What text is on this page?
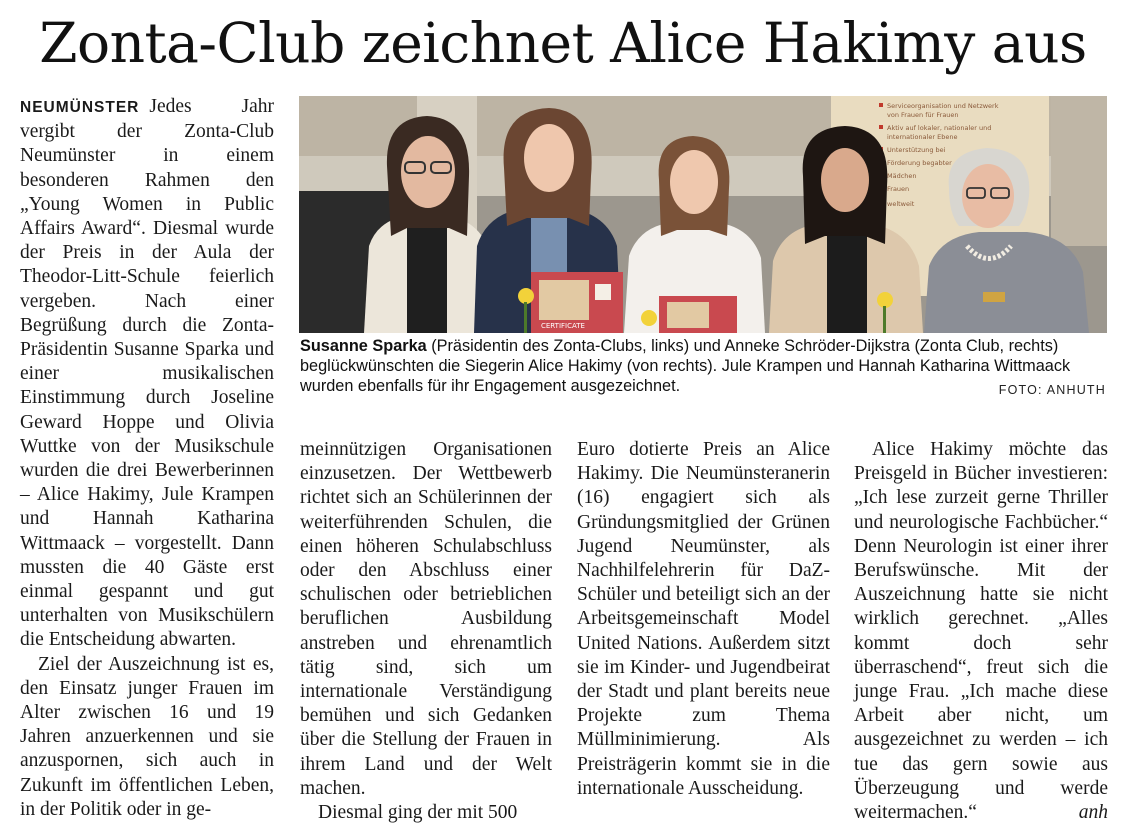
Zonta-Club zeichnet Alice Hakimy aus

NEUMÜNSTER Jedes Jahr vergibt der Zonta-Club Neumünster in einem besonderen Rahmen den „Young Women in Public Affairs Award“. Diesmal wurde der Preis in der Aula der Theodor-Litt-Schule feierlich vergeben. Nach einer Begrüßung durch die Zonta-Präsidentin Susanne Sparka und einer musikalischen Einstimmung durch Joseline Geward Hoppe und Olivia Wuttke von der Musikschule wurden die drei Bewerberinnen – Alice Hakimy, Jule Krampen und Hannah Katharina Wittmaack – vorgestellt. Dann mussten die 40 Gäste erst einmal gespannt und gut unterhalten von Musikschülern die Entscheidung abwarten.

Ziel der Auszeichnung ist es, den Einsatz junger Frauen im Alter zwischen 16 und 19 Jahren anzuerkennen und sie anzuspornen, sich auch in Zukunft im öffentlichen Leben, in der Politik oder in ge-

Serviceorganisation und Netzwerk
von Frauen für Frauen
Aktiv auf lokaler, nationaler und
internationaler Ebene
Unterstützung bei
Förderung begabter
Mädchen
Frauen
weltweit
CERTIFICATE
Susanne Sparka (Präsidentin des Zonta-Clubs, links) und Anneke Schröder-Dijkstra (Zonta Club, rechts) beglückwünschten die Siegerin Alice Hakimy (von rechts). Jule Krampen und Hannah Katharina Wittmaack wurden ebenfalls für ihr Engagement ausgezeichnet.	FOTO: ANHUTH

meinnützigen Organisationen einzusetzen. Der Wettbewerb richtet sich an Schülerinnen der weiterführenden Schulen, die einen höheren Schulabschluss oder den Abschluss einer schulischen oder betrieblichen beruflichen Ausbildung anstreben und ehrenamtlich tätig sind, sich um internationale Verständigung bemühen und sich Gedanken über die Stellung der Frauen in ihrem Land und der Welt machen.

Diesmal ging der mit 500

Euro dotierte Preis an Alice Hakimy. Die Neumünsteranerin (16) engagiert sich als Gründungsmitglied der Grünen Jugend Neumünster, als Nachhilfelehrerin für DaZ-Schüler und beteiligt sich an der Arbeitsgemeinschaft Model United Nations. Außerdem sitzt sie im Kinder- und Jugendbeirat der Stadt und plant bereits neue Projekte zum Thema Müllminimierung. Als Preisträgerin kommt sie in die internationale Ausscheidung.

Alice Hakimy möchte das Preisgeld in Bücher investieren: „Ich lese zurzeit gerne Thriller und neurologische Fachbücher.“ Denn Neurologin ist einer ihrer Berufswünsche. Mit der Auszeichnung hatte sie nicht wirklich gerechnet. „Alles kommt doch sehr überraschend“, freut sich die junge Frau. „Ich mache diese Arbeit aber nicht, um ausgezeichnet zu werden – ich tue das gern sowie aus Überzeugung und werde weitermachen.“	anh
